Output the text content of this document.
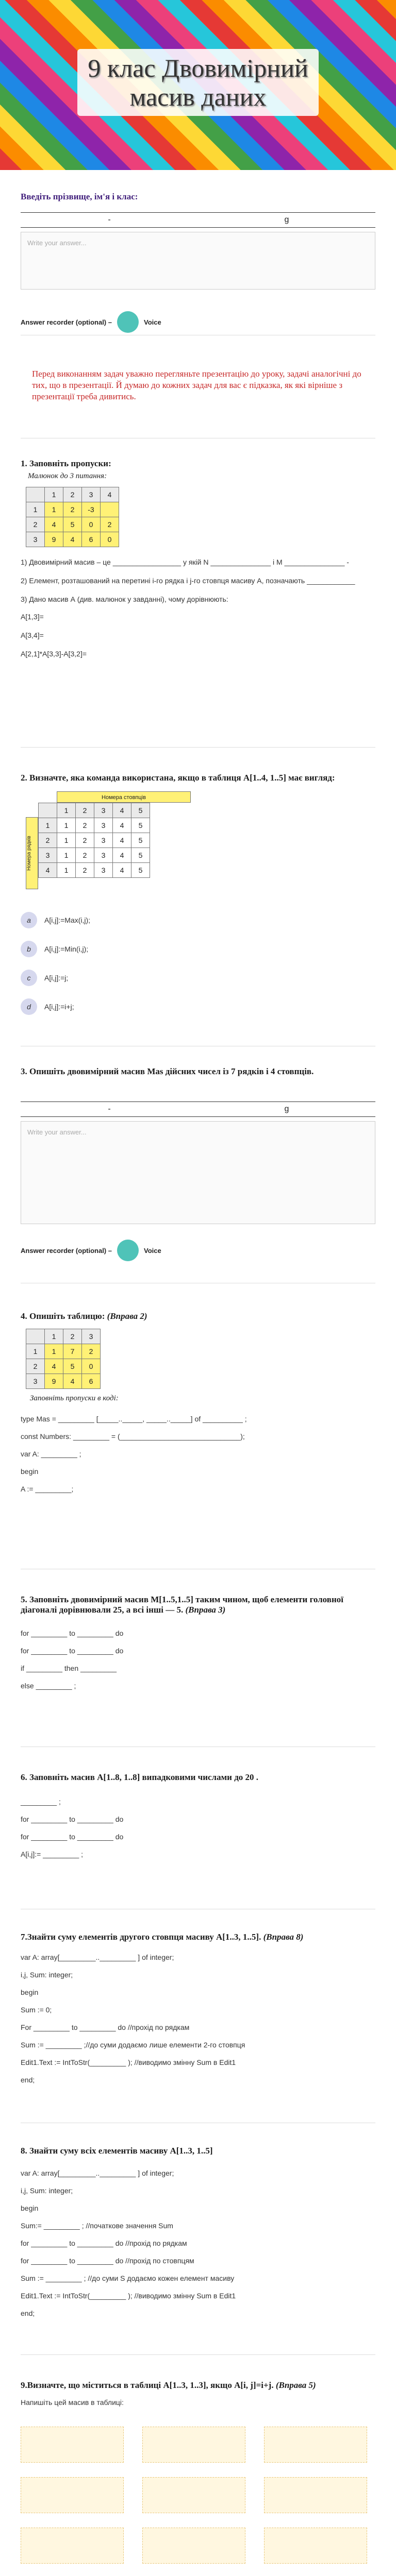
9 клас Двовимірний масив даних
Введіть прізвище, ім'я і клас:
-	g
Write your answer...
Answer recorder (optional) –	Voice
Перед виконанням задач уважно перегляньте презентацію до уроку, задачі аналогічні до тих, що в презентації. Й думаю до кожних задач для вас є підказка, як які вірніше з презентації треба дивитись.
1. Заповніть пропуски:
Малюнок до 3 питання:
	1	2	3	4
1	1	2	-3	
2	4	5	0	2
3	9	4	6	0
1) Двовимірний масив – це _________________ у якій N _______________ і M _______________ -
2) Елемент, розташований на перетині i-го рядка і j-го стовпця масиву А, позначають ____________
3) Дано масив А (див. малюнок у завданні), чому дорівнюють:
A[1,3]=
A[3,4]=
A[2,1]*A[3,3]-A[3,2]=
2. Визначте, яка команда використана, якщо в таблиця A[1..4, 1..5] має вигляд:
Номера стовпців
Номера рядків
	1	2	3	4	5
1	1	2	3	4	5
2	1	2	3	4	5
3	1	2	3	4	5
4	1	2	3	4	5
a	A[i,j]:=Max(i,j);
b	A[i,j]:=Min(i,j);
c	A[i,j]:=j;
d	A[i,j]:=i+j;
3. Опишіть двовимірний масив Mas дійсних чисел із 7 рядків і 4 стовпців.
-	g
Write your answer...
Answer recorder (optional) –	Voice
4. Опишіть таблицю: (Вправа 2)
	1	2	3
1	1	7	2
2	4	5	0
3	9	4	6
Заповніть пропуски в коді:
type Mas = _________ [_____.._____, _____.._____] of __________ ;
const Numbers: _________ = (______________________________);
var A: _________ ;
begin
A := _________;
5. Заповніть двовимірний масив M[1..5,1..5] таким чином, щоб елементи головної діагоналі дорівнювали 25, а всі інші — 5. (Вправа 3)
for _________ to _________ do
for _________ to _________ do
if _________ then _________
else _________ ;
6. Заповніть масив A[1..8, 1..8] випадковими числами до 20 .
_________ ;
for _________ to _________ do
for _________ to _________ do
A[i,j]:= _________ ;
7.Знайти суму елементів другого стовпця масиву A[1..3, 1..5]. (Вправа 8)
var A: array[_________.._________ ] of integer;
i,j, Sum: integer;
begin
Sum := 0;
For _________ to _________ do //прохід по рядкам
Sum := _________ ;//до суми додаємо лише елементи 2-го стовпця
Edit1.Text := IntToStr(_________ ); //виводимо змінну Sum в Edit1
end;
8. Знайти суму всіх елементів масиву A[1..3, 1..5]
var A: array[_________.._________ ] of integer;
i,j, Sum: integer;
begin
Sum:= _________ ; //початкове значення Sum
for _________ to _________ do //прохід по рядкам
for _________ to _________ do //прохід по стовпцям
Sum := _________ ; //до суми S додаємо кожен елемент масиву
Edit1.Text := IntToStr(_________ ); //виводимо змінну Sum в Edit1
end;
9.Визначте, що міститься в таблиці A[1..3, 1..3], якщо A[i, j]=i+j. (Вправа 5)
Напишіть цей масив в таблиці:
